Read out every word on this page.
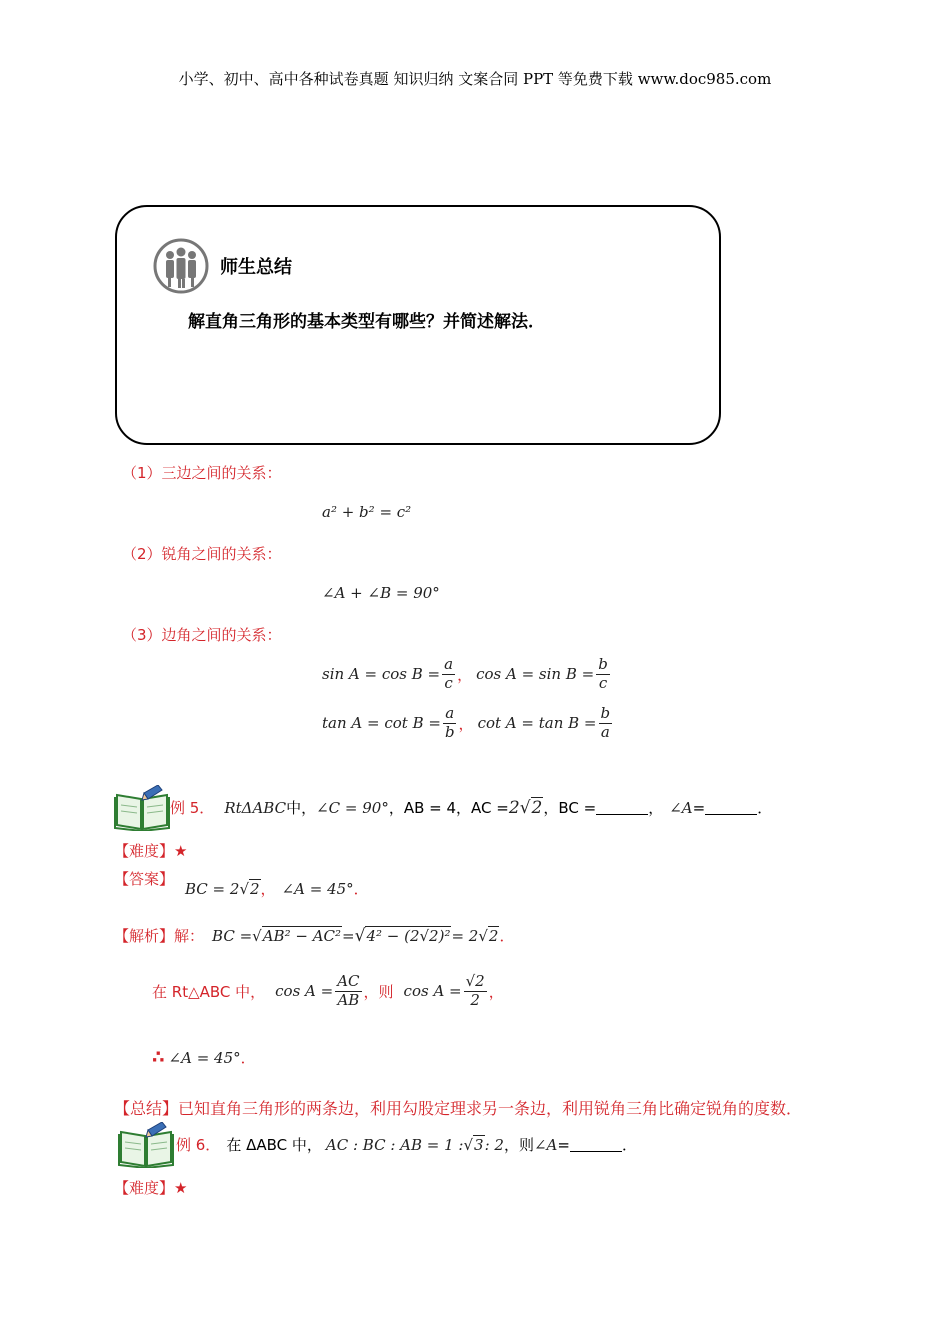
小学、初中、高中各种试卷真题 知识归纳 文案合同 PPT 等免费下载 www.doc985.com
师生总结
解直角三角形的基本类型有哪些？并简述解法．
（1）三边之间的关系：
a² + b² = c²
（2）锐角之间的关系：
∠A + ∠B = 90°
（3）边角之间的关系：
$\sin A = \cos B = \frac{a}{c}$ ， $\cos A = \sin B = \frac{b}{c}$
$\tan A = \cot B = \frac{a}{b}$ ， $\cot A = \tan B = \frac{b}{a}$
例 5． RtΔABC 中， ∠C = 90° ，AB = 4，AC = 2√2 ，BC =	， ∠A =	．
【难度】★
【答案】
BC = 2 √ 2 ， ∠A = 45° ．
【解析】 解： BC = √AB² − AC² = √4² − (2√2)² = 2 √2 ．
在 Rt△ABC 中， $\cos A = \frac{AC}{AB}$ ，则 $\cos A = \frac{√2}{2}$ ，
∴ ∠A = 45° ．
【总结】已知直角三角形的两条边，利用勾股定理求另一条边，利用锐角三角比确定锐角的度数．
例 6． 在 ΔABC 中， AC : BC : AB = 1 : √3 : 2 ，则 ∠A =	．
【难度】★
